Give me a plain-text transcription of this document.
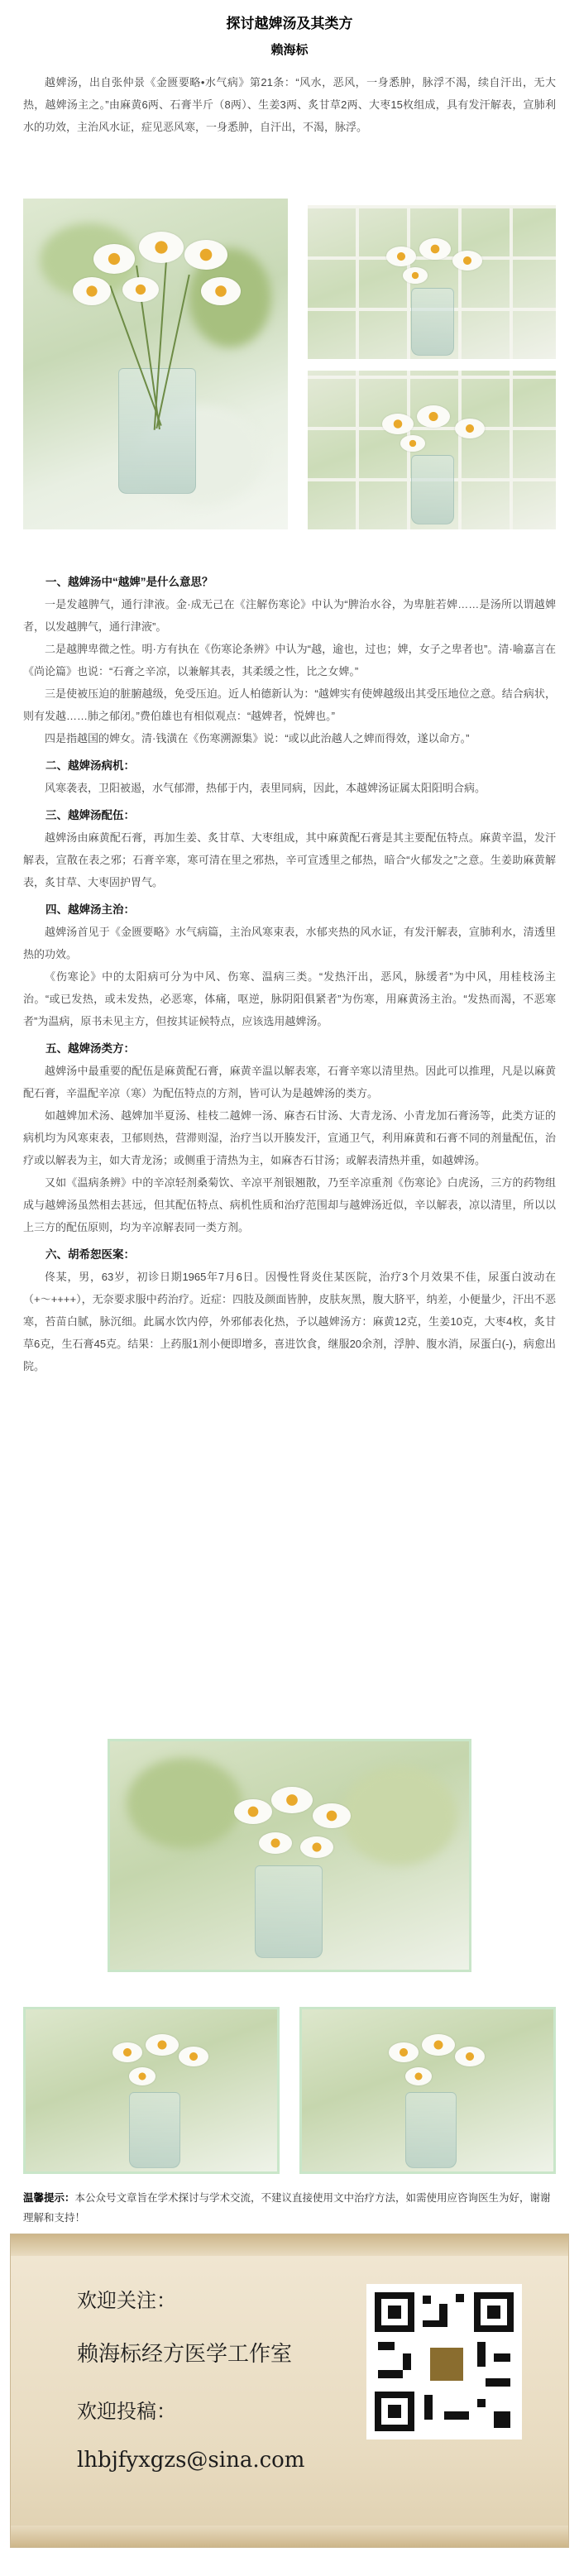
探讨越婢汤及其类方
赖海标

越婢汤，出自张仲景《金匮要略•水气病》第21条：“风水，恶风，一身悉肿，脉浮不渴，续自汗出，无大热，越婢汤主之。”由麻黄6两、石膏半斤（8两）、生姜3两、炙甘草2两、大枣15枚组成，具有发汗解表，宣肺利水的功效，主治风水证，症见恶风寒，一身悉肿，自汗出，不渴，脉浮。

一、越婢汤中“越婢”是什么意思？

一是发越脾气，通行津液。金·成无己在《注解伤寒论》中认为“脾治水谷，为卑脏若婢……是汤所以谓越婢者，以发越脾气，通行津液”。

二是越脾卑微之性。明·方有执在《伤寒论条辨》中认为“越，逾也，过也；婢，女子之卑者也”。清·喻嘉言在《尚论篇》也说：“石膏之辛凉，以兼解其表，其柔缓之性，比之女婢。”

三是使被压迫的脏腑越级，免受压迫。近人柏德新认为：“越婢实有使婢越级出其受压地位之意。结合病状，则有发越……肺之郁闭。”费伯雄也有相似观点：“越婢者，悦婢也。”

四是指越国的婢女。清·钱潢在《伤寒溯源集》说：“或以此治越人之婢而得效，遂以命方。”

二、越婢汤病机：

风寒袭表，卫阳被遏，水气郁滞，热郁于内，表里同病，因此，本越婢汤证属太阳阳明合病。

三、越婢汤配伍：

越婢汤由麻黄配石膏，再加生姜、炙甘草、大枣组成，其中麻黄配石膏是其主要配伍特点。麻黄辛温，发汗解表，宣散在表之邪；石膏辛寒，寒可清在里之邪热，辛可宣透里之郁热，暗合“火郁发之”之意。生姜助麻黄解表，炙甘草、大枣固护胃气。

四、越婢汤主治：

越婢汤首见于《金匮要略》水气病篇，主治风寒束表，水郁夹热的风水证，有发汗解表，宣肺利水，清透里热的功效。

《伤寒论》中的太阳病可分为中风、伤寒、温病三类。“发热汗出，恶风，脉缓者”为中风，用桂枝汤主治。“或已发热，或未发热，必恶寒，体痛，呕逆，脉阴阳俱紧者”为伤寒，用麻黄汤主治。“发热而渴，不恶寒者”为温病，原书未见主方，但按其证候特点，应该选用越婢汤。

五、越婢汤类方：

越婢汤中最重要的配伍是麻黄配石膏，麻黄辛温以解表寒，石膏辛寒以清里热。因此可以推理，凡是以麻黄配石膏，辛温配辛凉（寒）为配伍特点的方剂，皆可认为是越婢汤的类方。

如越婢加术汤、越婢加半夏汤、桂枝二越婢一汤、麻杏石甘汤、大青龙汤、小青龙加石膏汤等，此类方证的病机均为风寒束表，卫郁则热，营滞则湿，治疗当以开腠发汗，宣通卫气，利用麻黄和石膏不同的剂量配伍，治疗或以解表为主，如大青龙汤；或侧重于清热为主，如麻杏石甘汤；或解表清热并重，如越婢汤。

又如《温病条辨》中的辛凉轻剂桑菊饮、辛凉平剂银翘散，乃至辛凉重剂《伤寒论》白虎汤，三方的药物组成与越婢汤虽然相去甚远，但其配伍特点、病机性质和治疗范围却与越婢汤近似，辛以解表，凉以清里，所以以上三方的配伍原则，均为辛凉解表同一类方剂。

六、胡希恕医案：

佟某，男，63岁，初诊日期1965年7月6日。因慢性肾炎住某医院，治疗3个月效果不佳，尿蛋白波动在（+～++++），无奈要求服中药治疗。近症：四肢及颜面皆肿，皮肤灰黑，腹大脐平，纳差，小便量少，汗出不恶寒，苔苗白腻，脉沉细。此属水饮内停，外邪郁表化热，予以越婢汤方：麻黄12克，生姜10克，大枣4枚，炙甘草6克，生石膏45克。结果：上药服1剂小便即增多，喜进饮食，继服20余剂，浮肿、腹水消，尿蛋白(-)，病愈出院。

温馨提示：本公众号文章旨在学术探讨与学术交流，不建议直接使用文中治疗方法，如需使用应咨询医生为好，谢谢理解和支持！
欢迎关注：
赖海标经方医学工作室
欢迎投稿：
lhbjfyxgzs@sina.com
